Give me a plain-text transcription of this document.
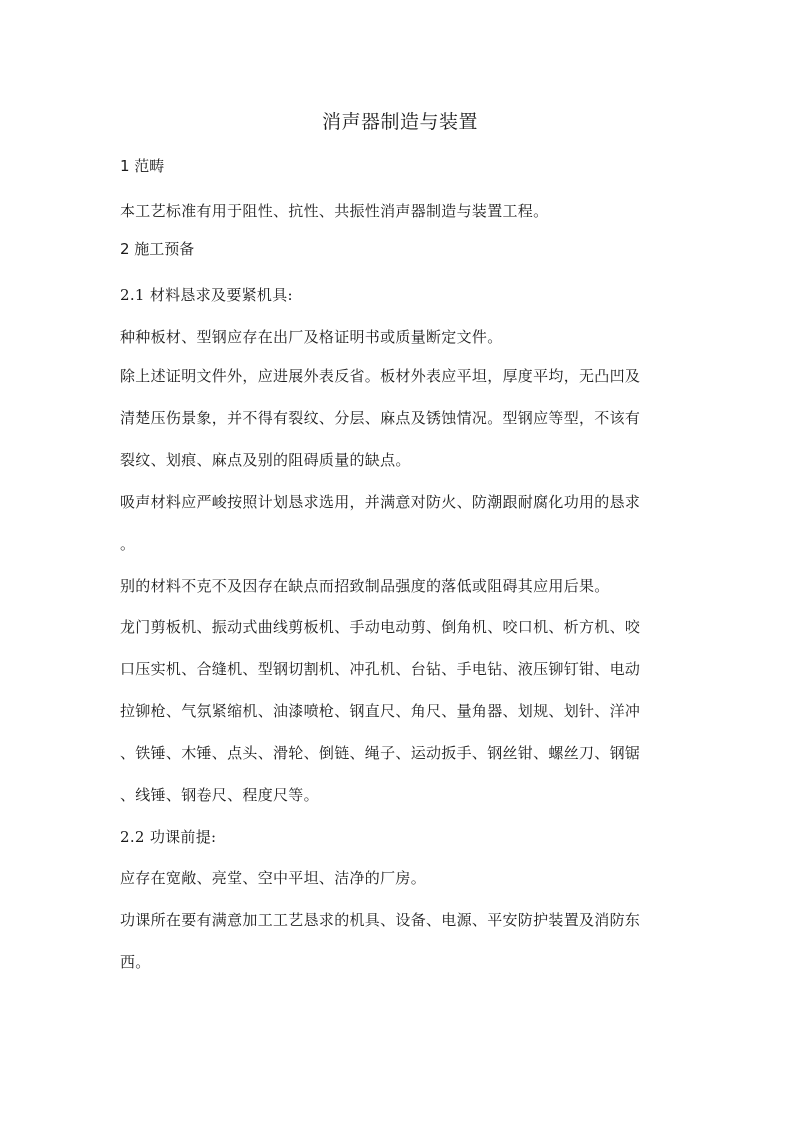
消声器制造与装置
1 范畴
本工艺标准有用于阻性、抗性、共振性消声器制造与装置工程。
2 施工预备
2.1 材料恳求及要紧机具:
种种板材、型钢应存在出厂及格证明书或质量断定文件。
除上述证明文件外，应进展外表反省。板材外表应平坦，厚度平均，无凸凹及
清楚压伤景象，并不得有裂纹、分层、麻点及锈蚀情况。型钢应等型，不该有
裂纹、划痕、麻点及别的阻碍质量的缺点。
吸声材料应严峻按照计划恳求选用，并满意对防火、防潮跟耐腐化功用的恳求
。
别的材料不克不及因存在缺点而招致制品强度的落低或阻碍其应用后果。
龙门剪板机、振动式曲线剪板机、手动电动剪、倒角机、咬口机、析方机、咬
口压实机、合缝机、型钢切割机、冲孔机、台钻、手电钻、液压铆钉钳、电动
拉铆枪、气氛紧缩机、油漆喷枪、钢直尺、角尺、量角器、划规、划针、洋冲
、铁锤、木锤、点头、滑轮、倒链、绳子、运动扳手、钢丝钳、螺丝刀、钢锯
、线锤、钢卷尺、程度尺等。
2.2 功课前提:
应存在宽敞、亮堂、空中平坦、洁净的厂房。
功课所在要有满意加工工艺恳求的机具、设备、电源、平安防护装置及消防东
西。
